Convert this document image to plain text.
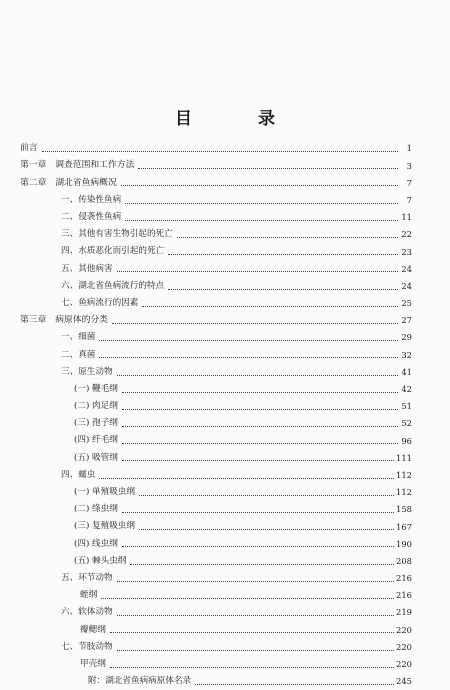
目 录
前言	1
第一章　调查范围和工作方法	3
第二章　湖北省鱼病概况	7
一、传染性鱼病	7
二、侵袭性鱼病	11
三、其他有害生物引起的死亡	22
四、水质恶化而引起的死亡	23
五、其他病害	24
六、湖北省鱼病流行的特点	24
七、鱼病流行的因素	25
第三章　病原体的分类	27
一、细菌	29
二、真菌	32
三、原生动物	41
(一) 鞭毛纲	42
(二) 肉足纲	51
(三) 孢子纲	52
(四) 纤毛纲	96
(五) 吸管纲	111
四、蠕虫	112
(一) 单殖吸虫纲	112
(二) 绦虫纲	158
(三) 复殖吸虫纲	167
(四) 线虫纲	190
(五) 棘头虫纲	208
五、环节动物	216
蛭纲	216
六、软体动物	219
瓣鳃纲	220
七、节肢动物	220
甲壳纲	220
附：湖北省鱼病病原体名录	245
